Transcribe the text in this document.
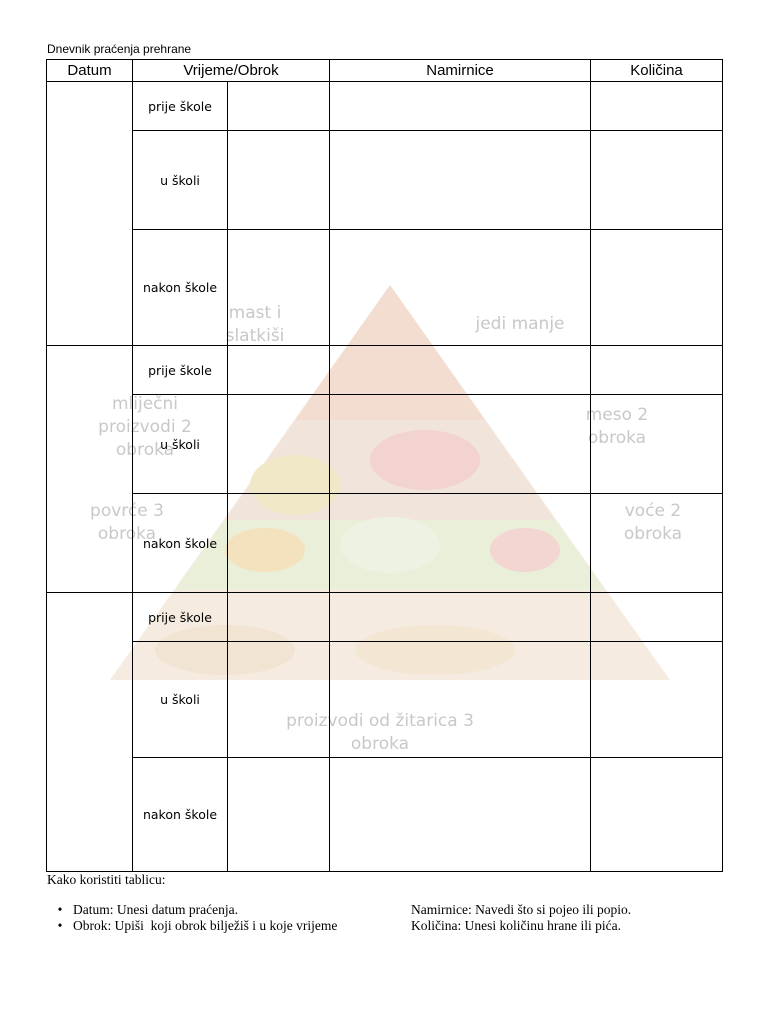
Dnevnik praćenja prehrane
mast i slatkiši
jedi manje
mliječni proizvodi 2 obroka
meso 2 obroka
povrće 3 obroka
voće 2 obroka
proizvodi od žitarica 3 obroka
Datum	Vrijeme/Obrok		Namirnice	Količina
	prije škole			
	u školi			
	nakon škole			
	prije škole			
	u školi			
	nakon škole			
	prije škole			
	u školi			
	nakon škole			
Kako koristiti tablicu:
• Datum: Unesi datum praćenja.	Namirnice: Navedi što si pojeo ili popio.
• Obrok: Upiši  koji obrok bilježiš i u koje vrijeme	Količina: Unesi količinu hrane ili pića.
